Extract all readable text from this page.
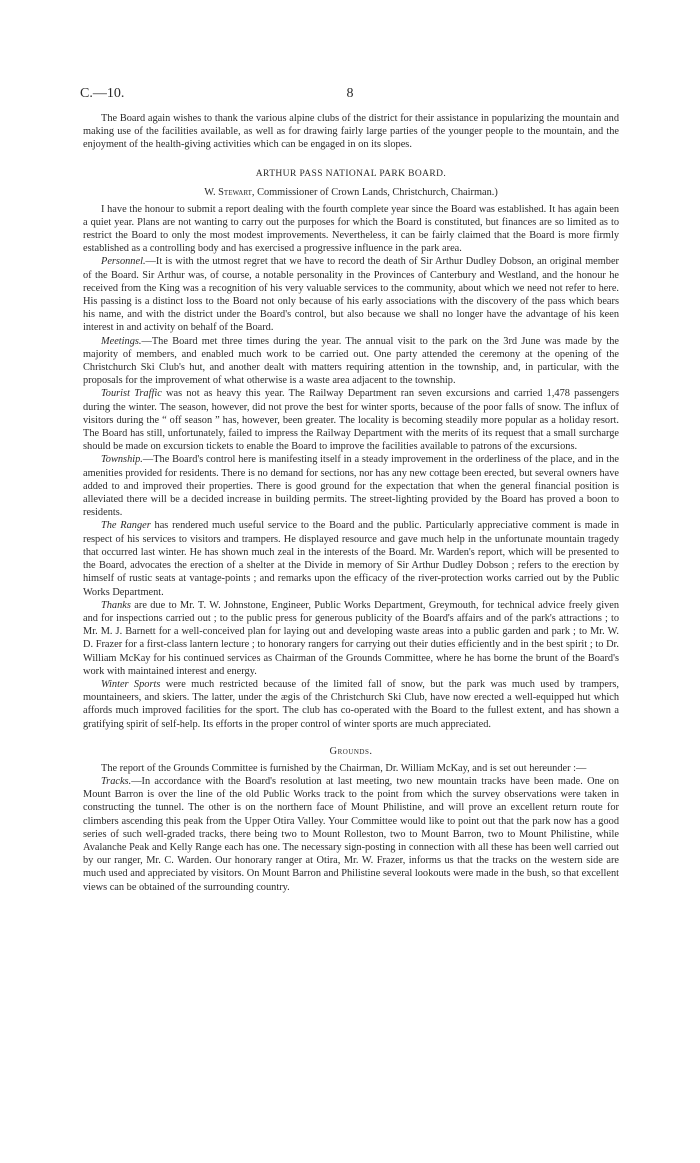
C.—10.	8

The Board again wishes to thank the various alpine clubs of the district for their assistance in popularizing the mountain and making use of the facilities available, as well as for drawing fairly large parties of the younger people to the mountain, and the enjoyment of the health-giving activities which can be engaged in on its slopes.

ARTHUR PASS NATIONAL PARK BOARD.
W. Stewart, Commissioner of Crown Lands, Christchurch, Chairman.)

I have the honour to submit a report dealing with the fourth complete year since the Board was established. It has again been a quiet year. Plans are not wanting to carry out the purposes for which the Board is constituted, but finances are so limited as to restrict the Board to only the most modest improvements. Nevertheless, it can be fairly claimed that the Board is more firmly established as a controlling body and has exercised a progressive influence in the park area.

Personnel.—It is with the utmost regret that we have to record the death of Sir Arthur Dudley Dobson, an original member of the Board. Sir Arthur was, of course, a notable personality in the Provinces of Canterbury and Westland, and the honour he received from the King was a recognition of his very valuable services to the community, about which we need not refer to here. His passing is a distinct loss to the Board not only because of his early associations with the discovery of the pass which bears his name, and with the district under the Board's control, but also because we shall no longer have the advantage of his keen interest in and activity on behalf of the Board.

Meetings.—The Board met three times during the year. The annual visit to the park on the 3rd June was made by the majority of members, and enabled much work to be carried out. One party attended the ceremony at the opening of the Christchurch Ski Club's hut, and another dealt with matters requiring attention in the township, and, in particular, with the proposals for the improvement of what otherwise is a waste area adjacent to the township.

Tourist Traffic was not as heavy this year. The Railway Department ran seven excursions and carried 1,478 passengers during the winter. The season, however, did not prove the best for winter sports, because of the poor falls of snow. The influx of visitors during the “ off season ” has, however, been greater. The locality is becoming steadily more popular as a holiday resort. The Board has still, unfortunately, failed to impress the Railway Department with the merits of its request that a small surcharge should be made on excursion tickets to enable the Board to improve the facilities available to patrons of the excursions.

Township.—The Board's control here is manifesting itself in a steady improvement in the orderliness of the place, and in the amenities provided for residents. There is no demand for sections, nor has any new cottage been erected, but several owners have added to and improved their properties. There is good ground for the expectation that when the general financial position is alleviated there will be a decided increase in building permits. The street-lighting provided by the Board has proved a boon to residents.

The Ranger has rendered much useful service to the Board and the public. Particularly appreciative comment is made in respect of his services to visitors and trampers. He displayed resource and gave much help in the unfortunate mountain tragedy that occurred last winter. He has shown much zeal in the interests of the Board. Mr. Warden's report, which will be presented to the Board, advocates the erection of a shelter at the Divide in memory of Sir Arthur Dudley Dobson ; refers to the erection by himself of rustic seats at vantage-points ; and remarks upon the efficacy of the river-protection works carried out by the Public Works Department.

Thanks are due to Mr. T. W. Johnstone, Engineer, Public Works Department, Greymouth, for technical advice freely given and for inspections carried out ; to the public press for generous publicity of the Board's affairs and of the park's attractions ; to Mr. M. J. Barnett for a well-conceived plan for laying out and developing waste areas into a public garden and park ; to Mr. W. D. Frazer for a first-class lantern lecture ; to honorary rangers for carrying out their duties efficiently and in the best spirit ; to Dr. William McKay for his continued services as Chairman of the Grounds Committee, where he has borne the brunt of the Board's work with maintained interest and energy.

Winter Sports were much restricted because of the limited fall of snow, but the park was much used by trampers, mountaineers, and skiers. The latter, under the ægis of the Christchurch Ski Club, have now erected a well-equipped hut which affords much improved facilities for the sport. The club has co-operated with the Board to the fullest extent, and has shown a gratifying spirit of self-help. Its efforts in the proper control of winter sports are much appreciated.

Grounds.

The report of the Grounds Committee is furnished by the Chairman, Dr. William McKay, and is set out hereunder :—

Tracks.—In accordance with the Board's resolution at last meeting, two new mountain tracks have been made. One on Mount Barron is over the line of the old Public Works track to the point from which the survey observations were taken in constructing the tunnel. The other is on the northern face of Mount Philistine, and will prove an excellent return route for climbers ascending this peak from the Upper Otira Valley. Your Committee would like to point out that the park now has a good series of such well-graded tracks, there being two to Mount Rolleston, two to Mount Barron, two to Mount Philistine, while Avalanche Peak and Kelly Range each has one. The necessary sign-posting in connection with all these has been well carried out by our ranger, Mr. C. Warden. Our honorary ranger at Otira, Mr. W. Frazer, informs us that the tracks on the western side are much used and appreciated by visitors. On Mount Barron and Philistine several lookouts were made in the bush, so that excellent views can be obtained of the surrounding country.
